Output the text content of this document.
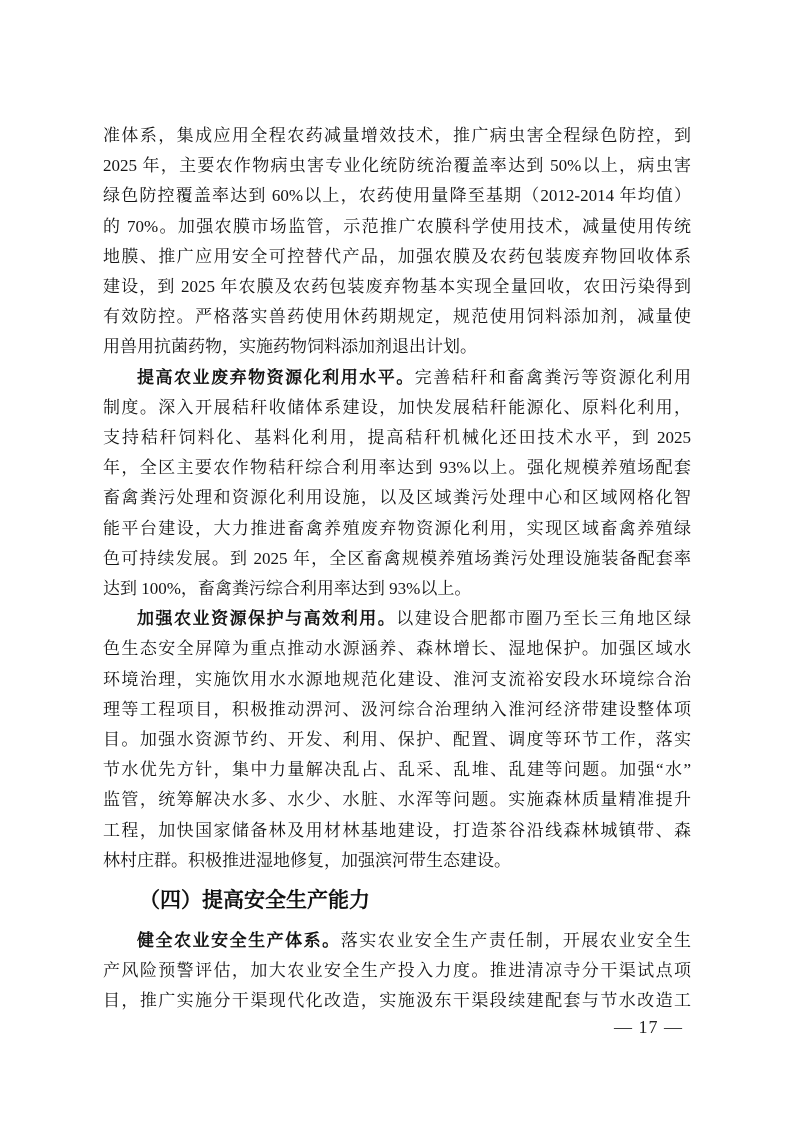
准体系，集成应用全程农药减量增效技术，推广病虫害全程绿色防控，到
2025 年，主要农作物病虫害专业化统防统治覆盖率达到 50%以上，病虫害
绿色防控覆盖率达到 60%以上，农药使用量降至基期（2012-2014 年均值）
的 70%。加强农膜市场监管，示范推广农膜科学使用技术，减量使用传统
地膜、推广应用安全可控替代产品，加强农膜及农药包装废弃物回收体系
建设，到 2025 年农膜及农药包装废弃物基本实现全量回收，农田污染得到
有效防控。严格落实兽药使用休药期规定，规范使用饲料添加剂，减量使
用兽用抗菌药物，实施药物饲料添加剂退出计划。
提高农业废弃物资源化利用水平。完善秸秆和畜禽粪污等资源化利用
制度。深入开展秸秆收储体系建设，加快发展秸秆能源化、原料化利用，
支持秸秆饲料化、基料化利用，提高秸秆机械化还田技术水平，到 2025
年，全区主要农作物秸秆综合利用率达到 93%以上。强化规模养殖场配套
畜禽粪污处理和资源化利用设施，以及区域粪污处理中心和区域网格化智
能平台建设，大力推进畜禽养殖废弃物资源化利用，实现区域畜禽养殖绿
色可持续发展。到 2025 年，全区畜禽规模养殖场粪污处理设施装备配套率
达到 100%，畜禽粪污综合利用率达到 93%以上。
加强农业资源保护与高效利用。以建设合肥都市圈乃至长三角地区绿
色生态安全屏障为重点推动水源涵养、森林增长、湿地保护。加强区域水
环境治理，实施饮用水水源地规范化建设、淮河支流裕安段水环境综合治
理等工程项目，积极推动淠河、汲河综合治理纳入淮河经济带建设整体项
目。加强水资源节约、开发、利用、保护、配置、调度等环节工作，落实
节水优先方针，集中力量解决乱占、乱采、乱堆、乱建等问题。加强“水”
监管，统筹解决水多、水少、水脏、水浑等问题。实施森林质量精准提升
工程，加快国家储备林及用材林基地建设，打造茶谷沿线森林城镇带、森
林村庄群。积极推进湿地修复，加强滨河带生态建设。
（四）提高安全生产能力
健全农业安全生产体系。落实农业安全生产责任制，开展农业安全生
产风险预警评估，加大农业安全生产投入力度。推进清凉寺分干渠试点项
目，推广实施分干渠现代化改造，实施汲东干渠段续建配套与节水改造工
— 17 —
